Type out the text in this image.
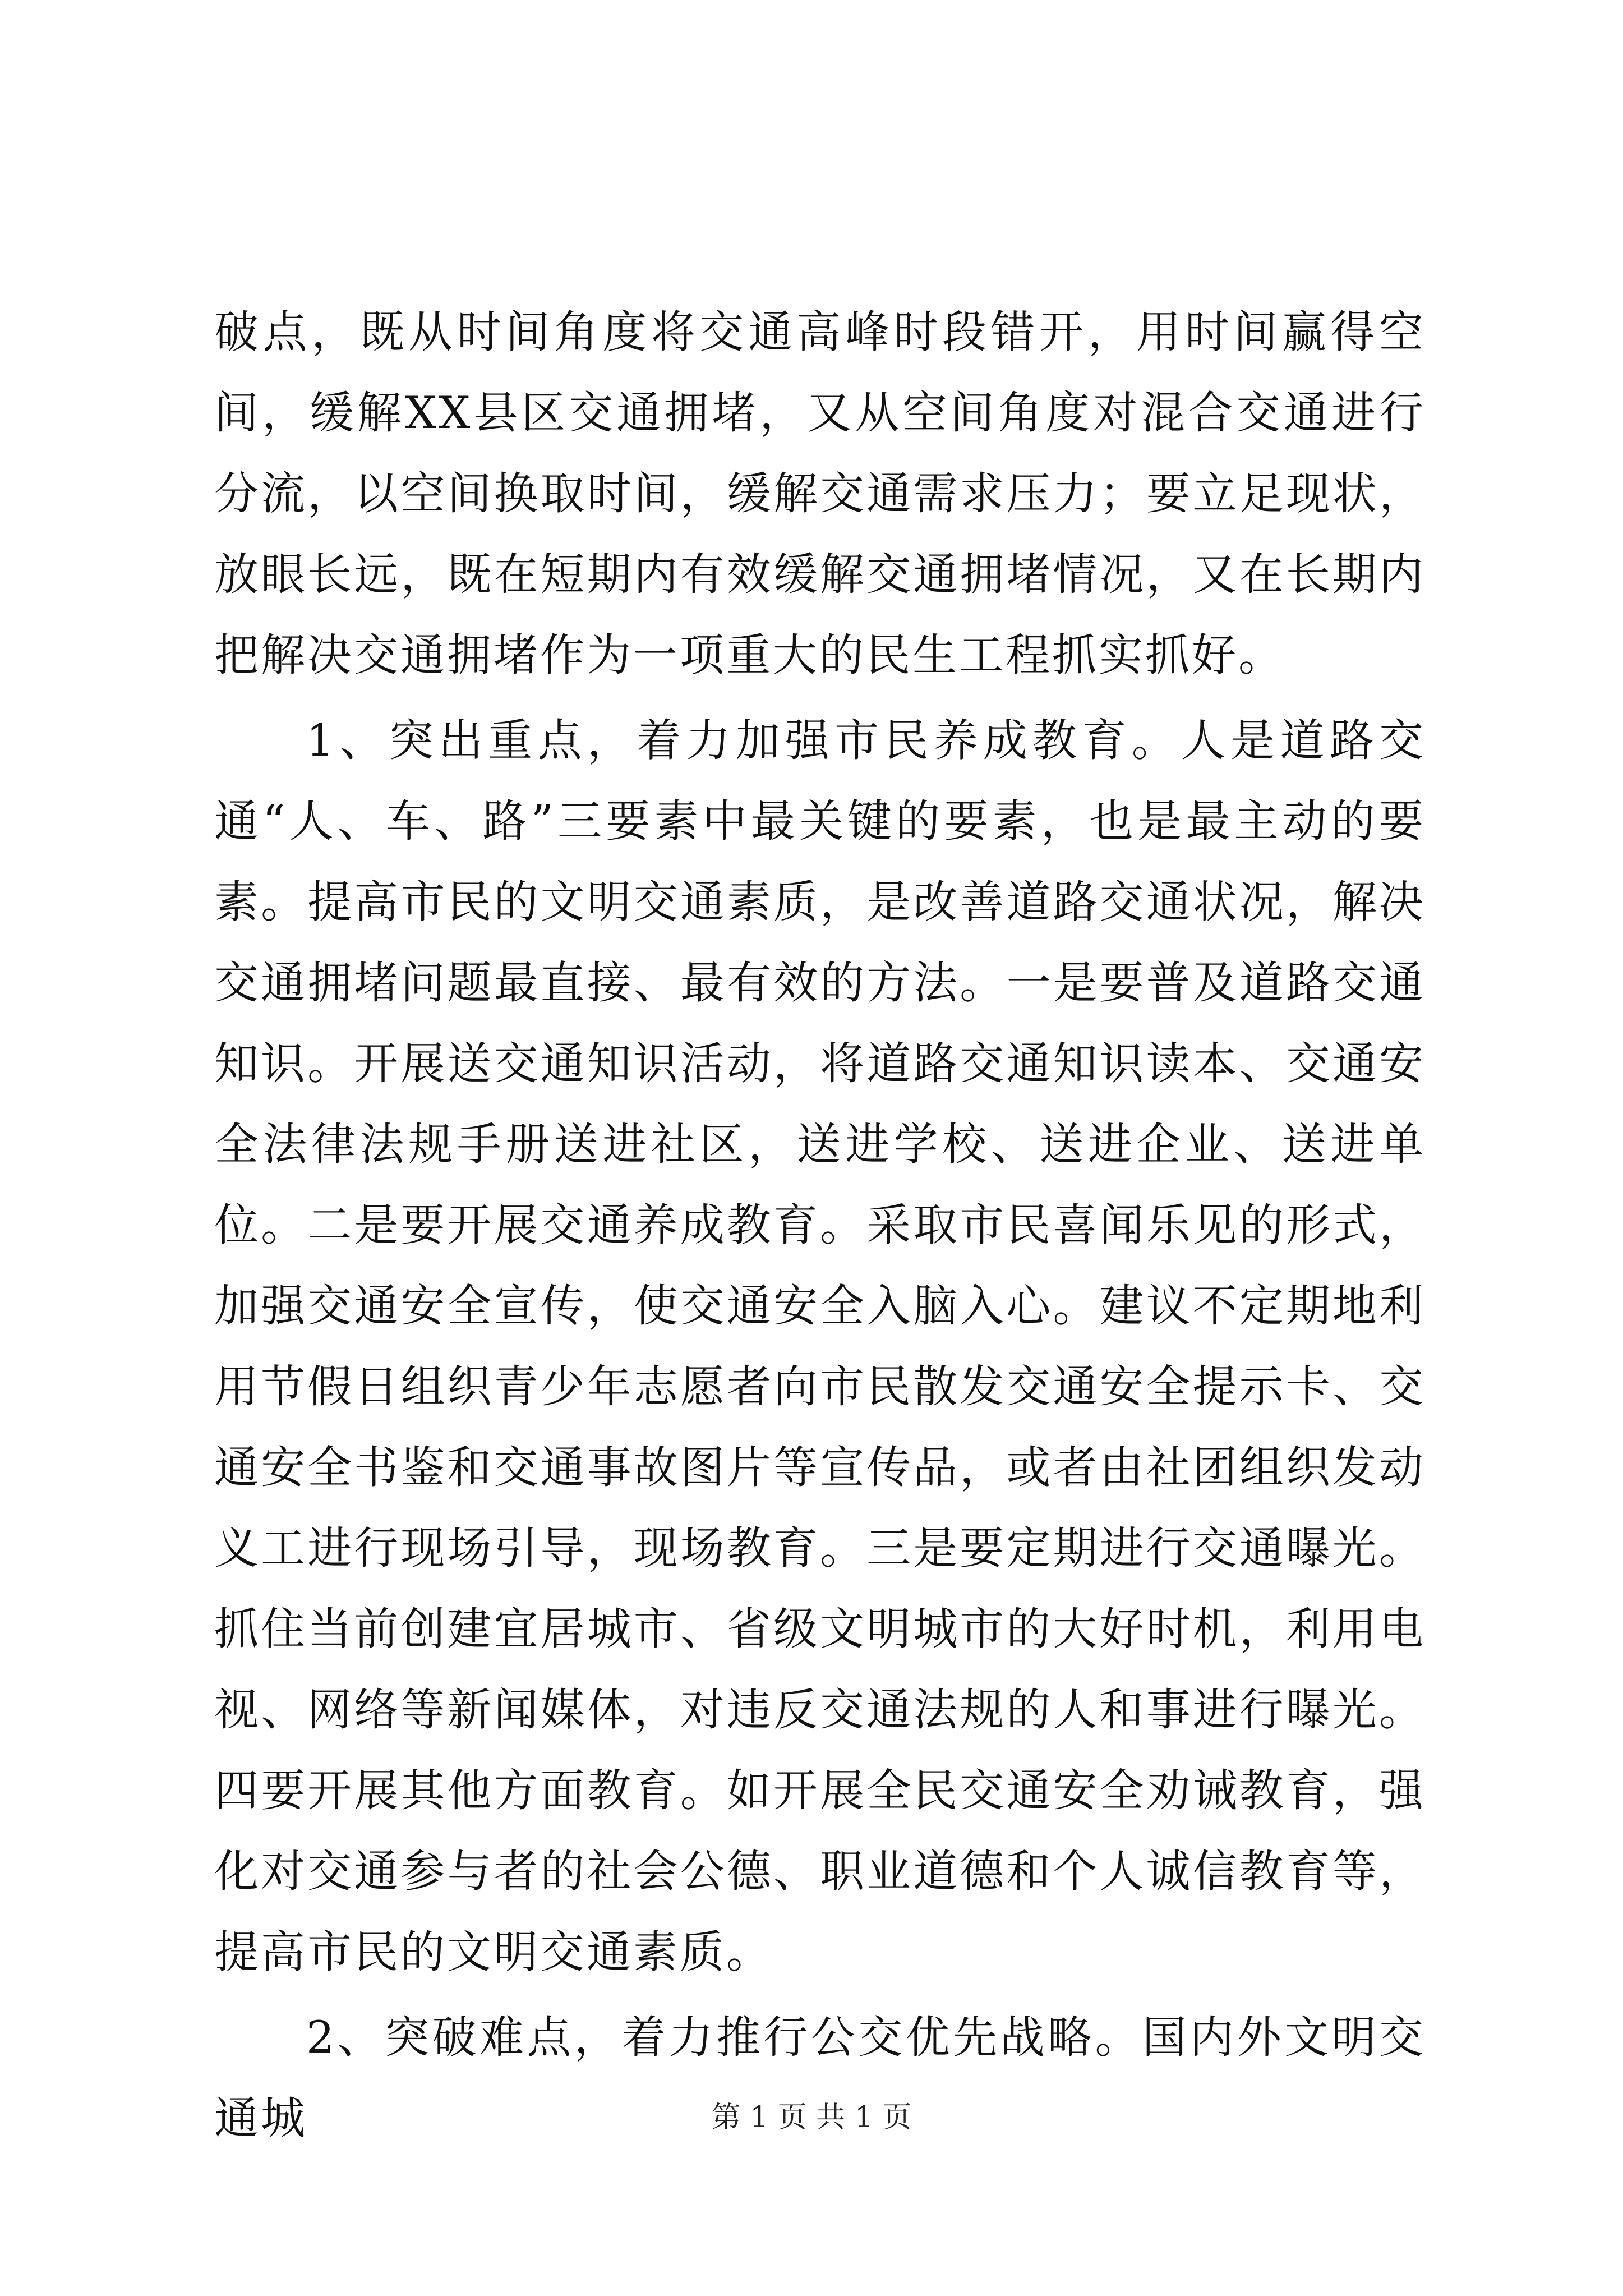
破点，既从时间角度将交通高峰时段错开，用时间赢得空间，缓解XX县区交通拥堵，又从空间角度对混合交通进行分流，以空间换取时间，缓解交通需求压力；要立足现状，放眼长远，既在短期内有效缓解交通拥堵情况，又在长期内把解决交通拥堵作为一项重大的民生工程抓实抓好。

1、突出重点，着力加强市民养成教育。人是道路交通“人、车、路”三要素中最关键的要素，也是最主动的要素。提高市民的文明交通素质，是改善道路交通状况，解决交通拥堵问题最直接、最有效的方法。一是要普及道路交通知识。开展送交通知识活动，将道路交通知识读本、交通安全法律法规手册送进社区，送进学校、送进企业、送进单位。二是要开展交通养成教育。采取市民喜闻乐见的形式，加强交通安全宣传，使交通安全入脑入心。建议不定期地利用节假日组织青少年志愿者向市民散发交通安全提示卡、交通安全书鉴和交通事故图片等宣传品，或者由社团组织发动义工进行现场引导，现场教育。三是要定期进行交通曝光。抓住当前创建宜居城市、省级文明城市的大好时机，利用电视、网络等新闻媒体，对违反交通法规的人和事进行曝光。四要开展其他方面教育。如开展全民交通安全劝诫教育，强化对交通参与者的社会公德、职业道德和个人诚信教育等，提高市民的文明交通素质。

2、突破难点，着力推行公交优先战略。国内外文明交通城	第 1 页 共 1 页
